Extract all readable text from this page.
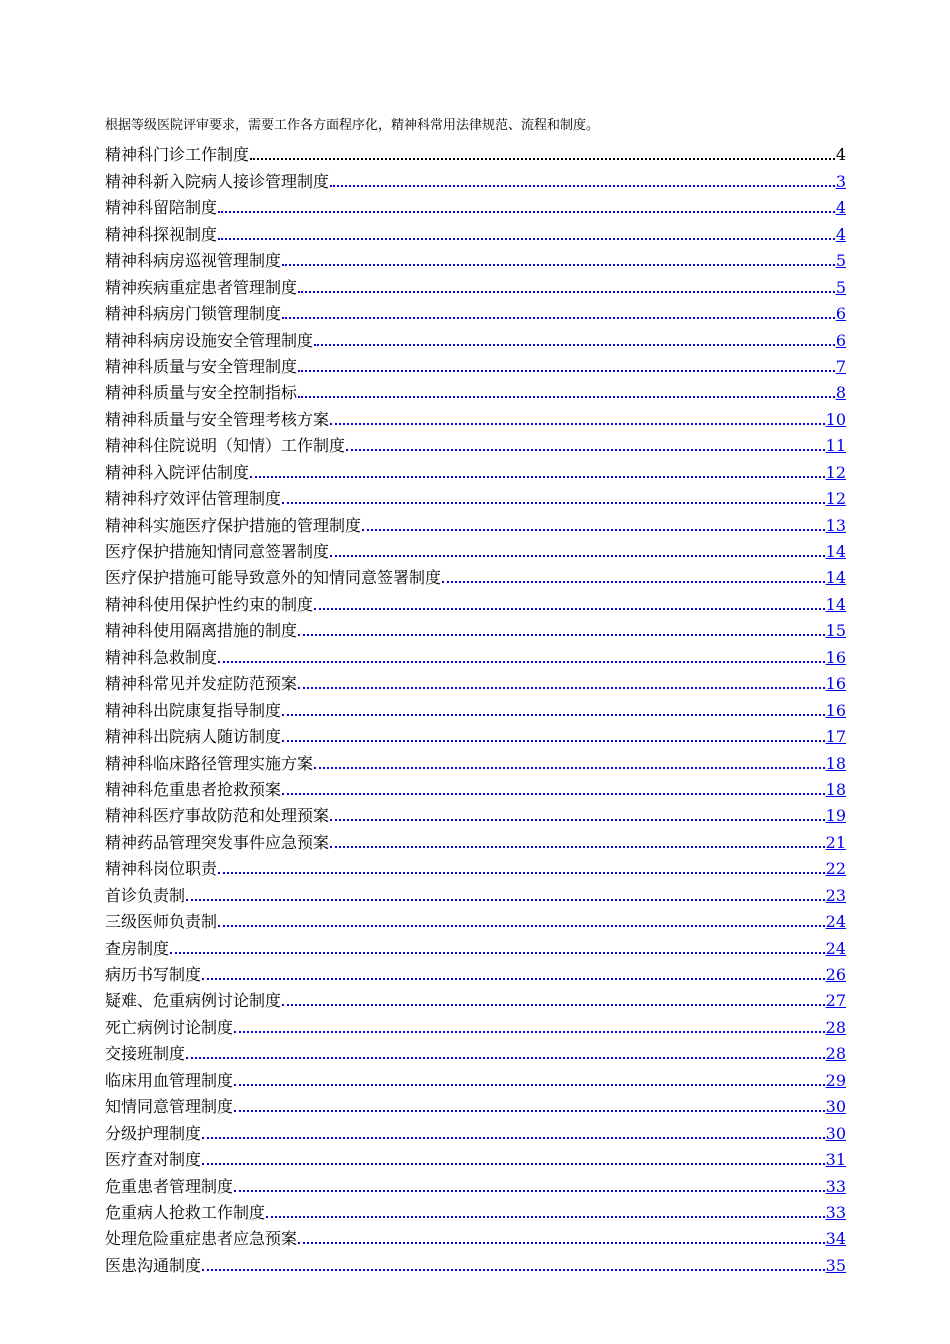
根据等级医院评审要求，需要工作各方面程序化，精神科常用法律规范、流程和制度。
精神科门诊工作制度	4
精神科新入院病人接诊管理制度	3
精神科留陪制度	4
精神科探视制度	4
精神科病房巡视管理制度	5
精神疾病重症患者管理制度	5
精神科病房门锁管理制度	6
精神科病房设施安全管理制度	6
精神科质量与安全管理制度	7
精神科质量与安全控制指标	8
精神科质量与安全管理考核方案	10
精神科住院说明（知情）工作制度	11
精神科入院评估制度	12
精神科疗效评估管理制度	12
精神科实施医疗保护措施的管理制度	13
医疗保护措施知情同意签署制度	14
医疗保护措施可能导致意外的知情同意签署制度	14
精神科使用保护性约束的制度	14
精神科使用隔离措施的制度	15
精神科急救制度	16
精神科常见并发症防范预案	16
精神科出院康复指导制度	16
精神科出院病人随访制度	17
精神科临床路径管理实施方案	18
精神科危重患者抢救预案	18
精神科医疗事故防范和处理预案	19
精神药品管理突发事件应急预案	21
精神科岗位职责	22
首诊负责制	23
三级医师负责制	24
查房制度	24
病历书写制度	26
疑难、危重病例讨论制度	27
死亡病例讨论制度	28
交接班制度	28
临床用血管理制度	29
知情同意管理制度	30
分级护理制度	30
医疗查对制度	31
危重患者管理制度	33
危重病人抢救工作制度	33
处理危险重症患者应急预案	34
医患沟通制度	35
